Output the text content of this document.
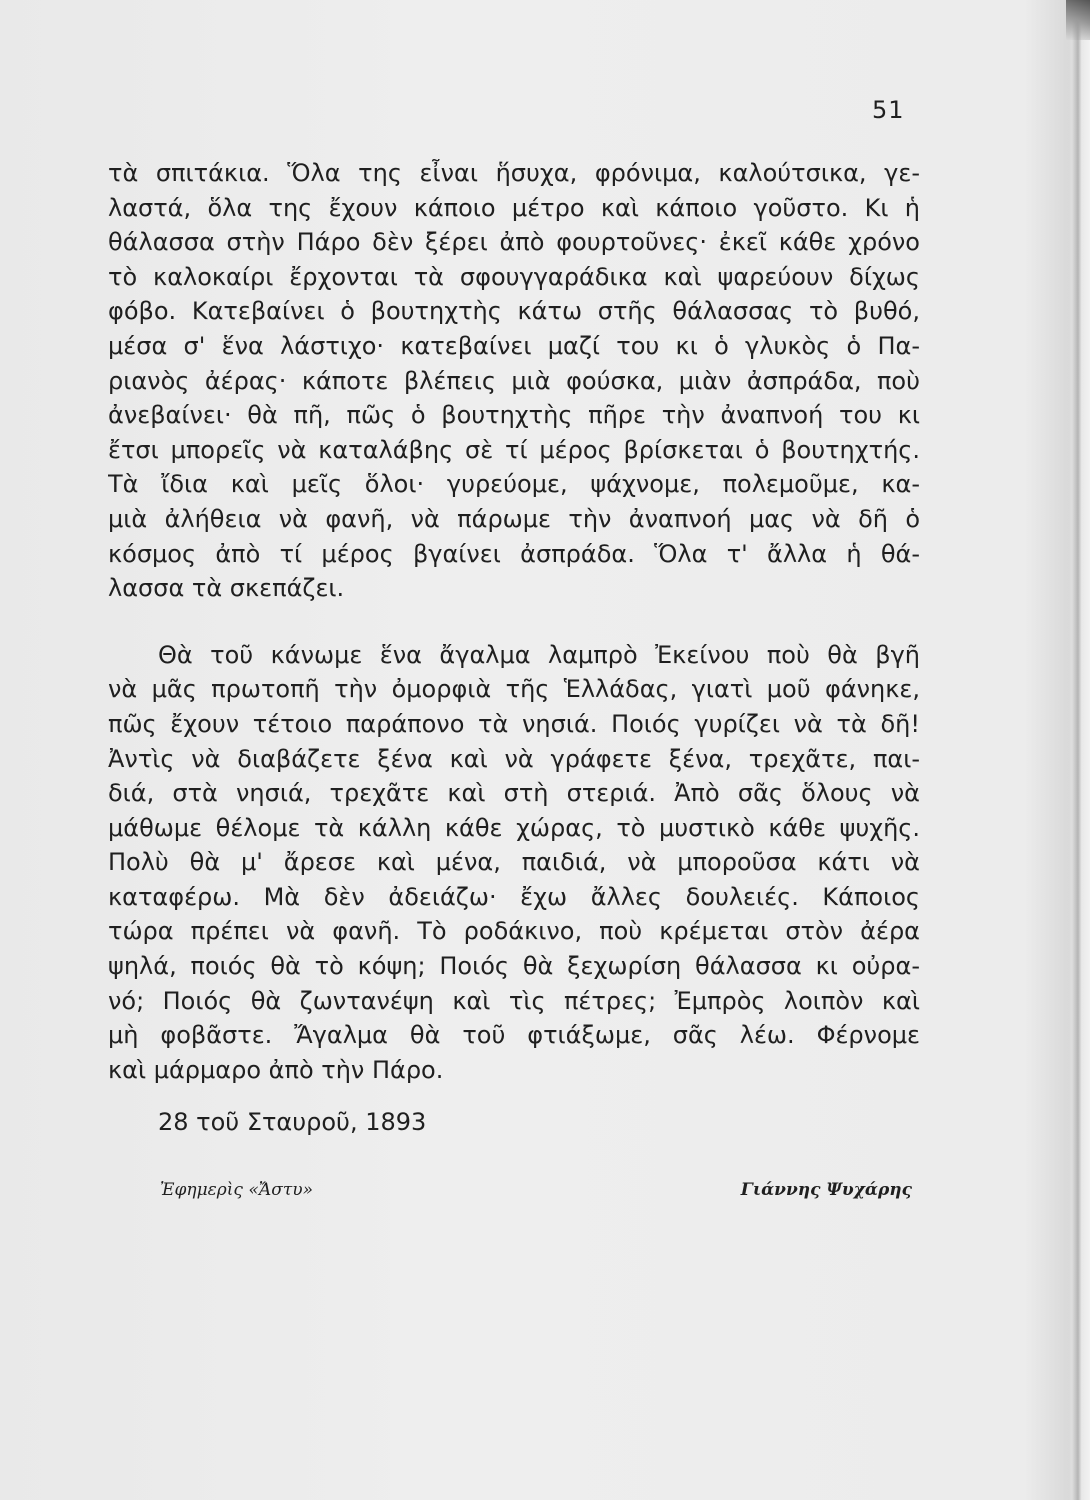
51
τὰ σπιτάκια. Ὅλα της εἶναι ἥσυχα, φρόνιμα, καλούτσικα, γε-
λαστά, ὅλα της ἔχουν κάποιο μέτρο καὶ κάποιο γοῦστο. Κι ἡ
θάλασσα στὴν Πάρο δὲν ξέρει ἀπὸ φουρτοῦνες· ἐκεῖ κάθε χρόνο
τὸ καλοκαίρι ἔρχονται τὰ σφουγγαράδικα καὶ ψαρεύουν δίχως
φόβο. Κατεβαίνει ὁ βουτηχτὴς κάτω στῆς θάλασσας τὸ βυθό,
μέσα σ' ἕνα λάστιχο· κατεβαίνει μαζί του κι ὁ γλυκὸς ὁ Πα-
ριανὸς ἀέρας· κάποτε βλέπεις μιὰ φούσκα, μιὰν ἀσπράδα, ποὺ
ἀνεβαίνει· θὰ πῆ, πῶς ὁ βουτηχτὴς πῆρε τὴν ἀναπνοή του κι
ἔτσι μπορεῖς νὰ καταλάβης σὲ τί μέρος βρίσκεται ὁ βουτηχτής.
Τὰ ἴδια καὶ μεῖς ὅλοι· γυρεύομε, ψάχνομε, πολεμοῦμε, κα-
μιὰ ἀλήθεια νὰ φανῆ, νὰ πάρωμε τὴν ἀναπνοή μας νὰ δῆ ὁ
κόσμος ἀπὸ τί μέρος βγαίνει ἀσπράδα. Ὅλα τ' ἄλλα ἡ θά-
λασσα τὰ σκεπάζει.
Θὰ τοῦ κάνωμε ἕνα ἄγαλμα λαμπρὸ Ἐκείνου ποὺ θὰ βγῆ
νὰ μᾶς πρωτοπῆ τὴν ὀμορφιὰ τῆς Ἑλλάδας, γιατὶ μοῦ φάνηκε,
πῶς ἔχουν τέτοιο παράπονο τὰ νησιά. Ποιός γυρίζει νὰ τὰ δῆ!
Ἀντὶς νὰ διαβάζετε ξένα καὶ νὰ γράφετε ξένα, τρεχᾶτε, παι-
διά, στὰ νησιά, τρεχᾶτε καὶ στὴ στεριά. Ἀπὸ σᾶς ὅλους νὰ
μάθωμε θέλομε τὰ κάλλη κάθε χώρας, τὸ μυστικὸ κάθε ψυχῆς.
Πολὺ θὰ μ' ἄρεσε καὶ μένα, παιδιά, νὰ μποροῦσα κάτι νὰ
καταφέρω. Μὰ δὲν ἀδειάζω· ἔχω ἄλλες δουλειές. Κάποιος
τώρα πρέπει νὰ φανῆ. Τὸ ροδάκινο, ποὺ κρέμεται στὸν ἀέρα
ψηλά, ποιός θὰ τὸ κόψη; Ποιός θὰ ξεχωρίση θάλασσα κι οὐρα-
νό; Ποιός θὰ ζωντανέψη καὶ τὶς πέτρες; Ἐμπρὸς λοιπὸν καὶ
μὴ φοβᾶστε. Ἄγαλμα θὰ τοῦ φτιάξωμε, σᾶς λέω. Φέρνομε
καὶ μάρμαρο ἀπὸ τὴν Πάρο.
28 τοῦ Σταυροῦ, 1893
Ἐφημερὶς «Ἄστυ»	Γιάννης Ψυχάρης
